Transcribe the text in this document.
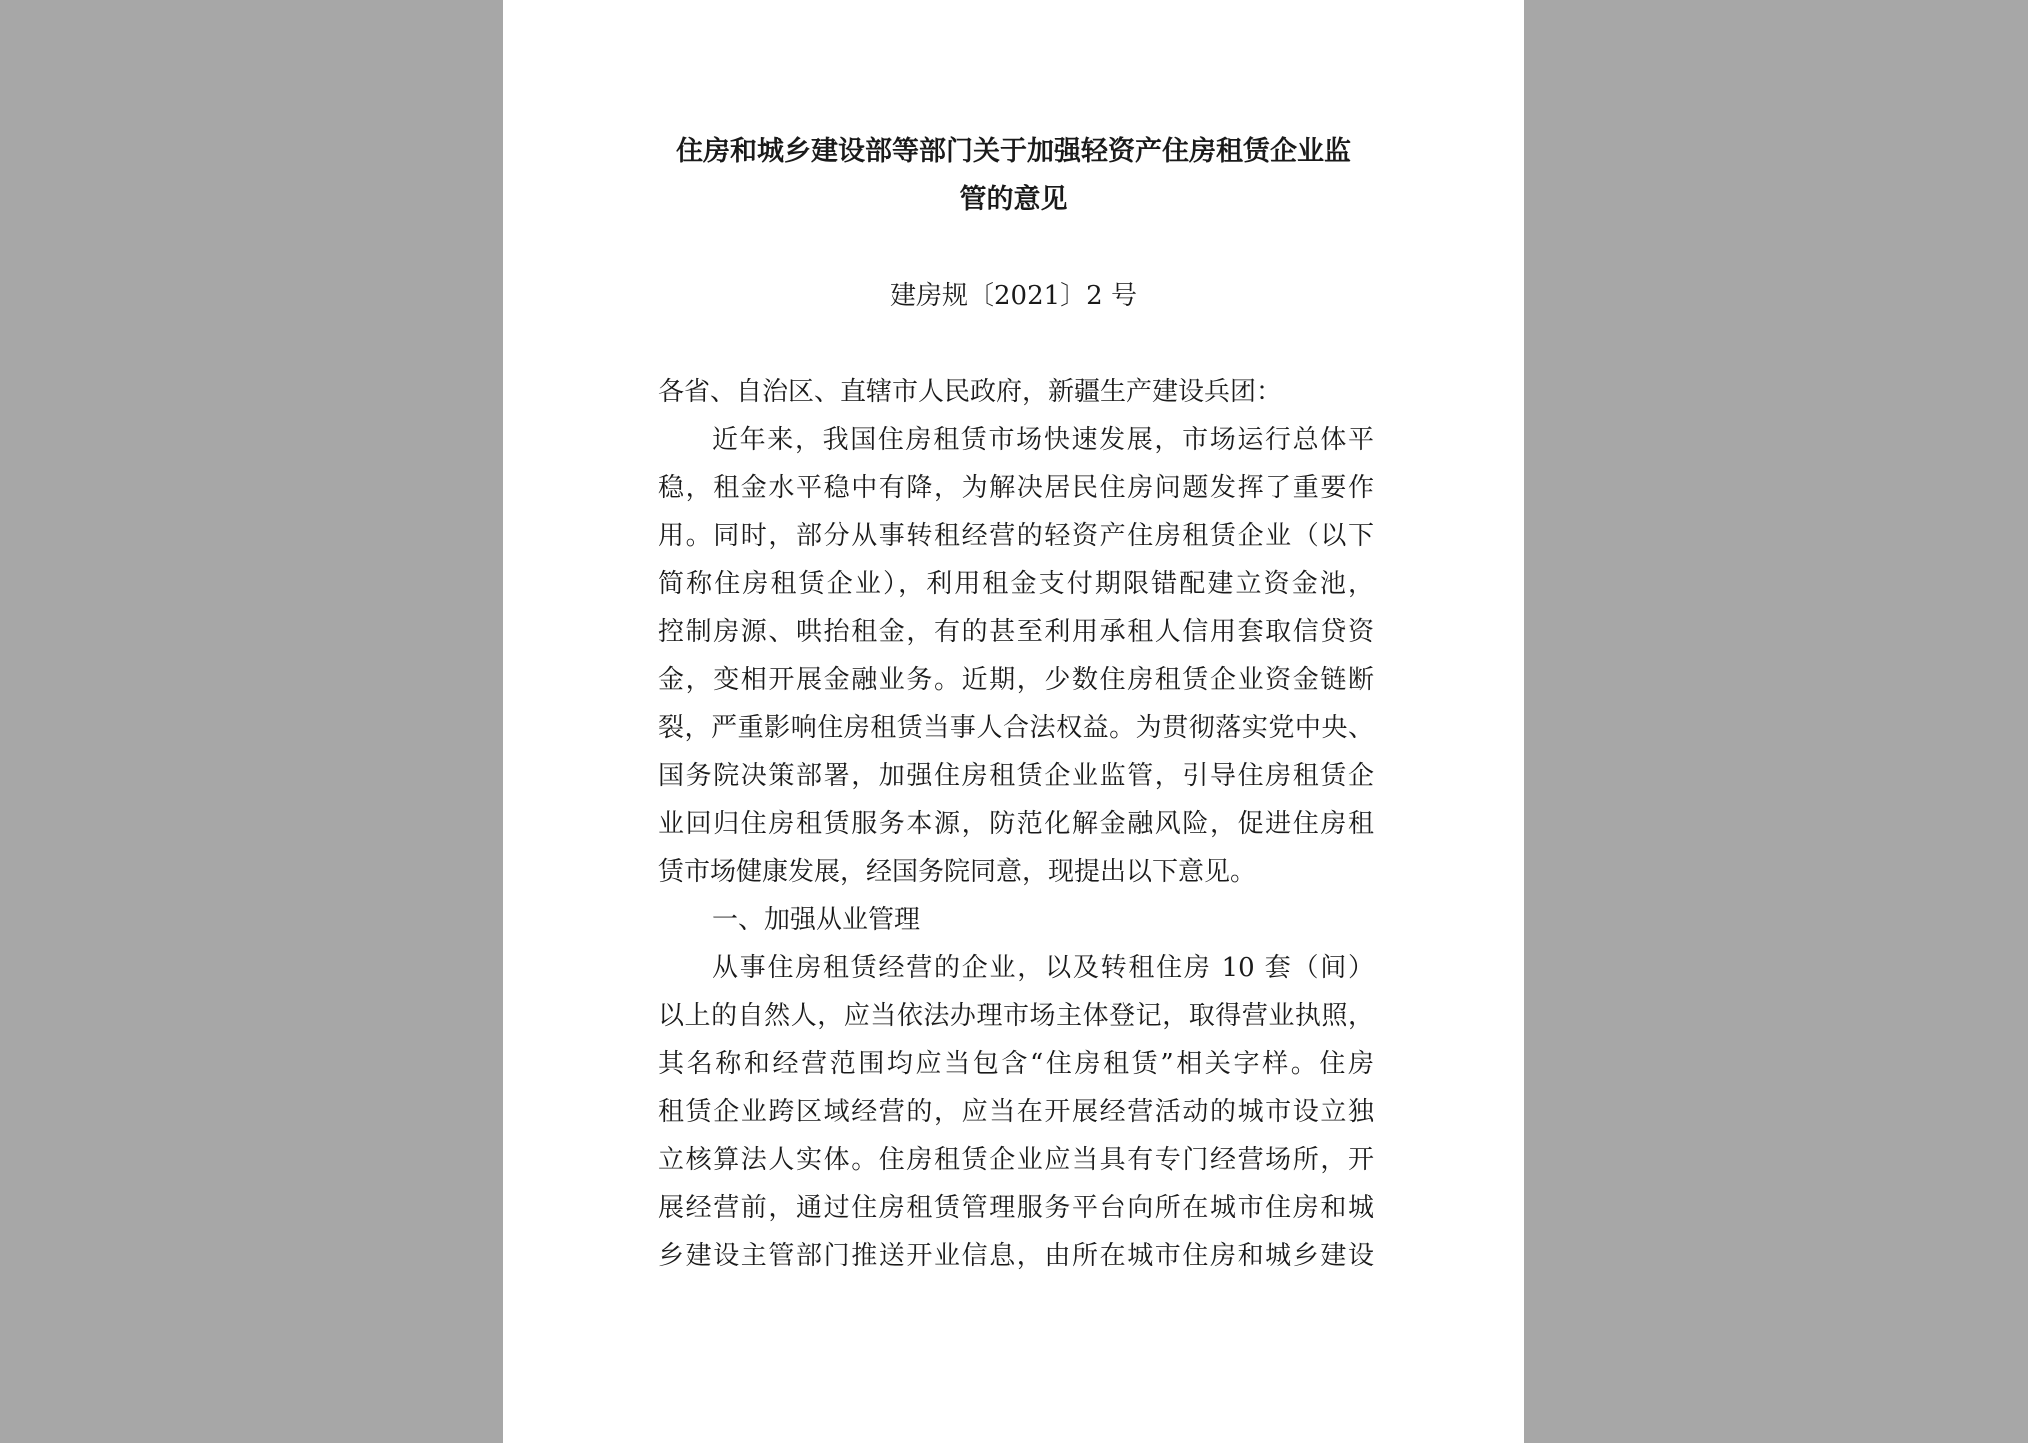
住房和城乡建设部等部门关于加强轻资产住房租赁企业监
管的意见
建房规〔2021〕2 号
各省、自治区、直辖市人民政府，新疆生产建设兵团：
近年来，我国住房租赁市场快速发展，市场运行总体平
稳，租金水平稳中有降，为解决居民住房问题发挥了重要作
用。同时，部分从事转租经营的轻资产住房租赁企业（以下
简称住房租赁企业），利用租金支付期限错配建立资金池，
控制房源、哄抬租金，有的甚至利用承租人信用套取信贷资
金，变相开展金融业务。近期，少数住房租赁企业资金链断
裂，严重影响住房租赁当事人合法权益。为贯彻落实党中央、
国务院决策部署，加强住房租赁企业监管，引导住房租赁企
业回归住房租赁服务本源，防范化解金融风险，促进住房租
赁市场健康发展，经国务院同意，现提出以下意见。
一、加强从业管理
从事住房租赁经营的企业，以及转租住房 10 套（间）
以上的自然人，应当依法办理市场主体登记，取得营业执照，
其名称和经营范围均应当包含“住房租赁”相关字样。住房
租赁企业跨区域经营的，应当在开展经营活动的城市设立独
立核算法人实体。住房租赁企业应当具有专门经营场所，开
展经营前，通过住房租赁管理服务平台向所在城市住房和城
乡建设主管部门推送开业信息，由所在城市住房和城乡建设
